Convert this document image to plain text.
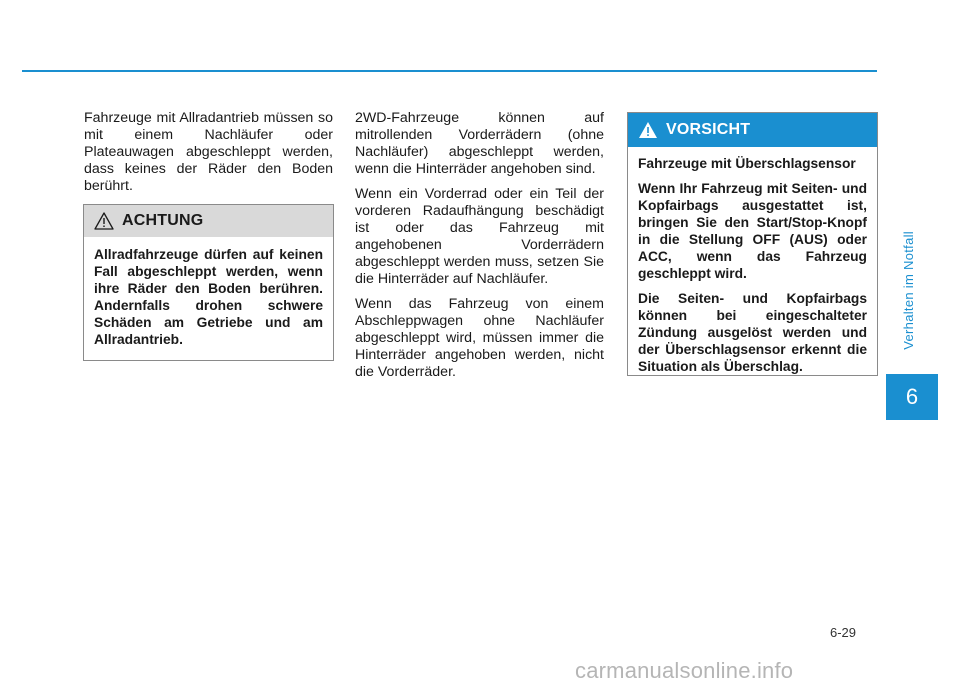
Fahrzeuge mit Allradantrieb müssen so mit einem Nachläufer oder Plateauwagen abgeschleppt werden, dass keines der Räder den Boden berührt.

ACHTUNG
Allradfahrzeuge dürfen auf keinen Fall abgeschleppt werden, wenn ihre Räder den Boden berühren. Andernfalls drohen schwere Schäden am Getriebe und am Allradantrieb.

2WD-Fahrzeuge können auf mitrollenden Vorderrädern (ohne Nachläufer) abgeschleppt werden, wenn die Hinterräder angehoben sind.

Wenn ein Vorderrad oder ein Teil der vorderen Radaufhängung beschädigt ist oder das Fahrzeug mit angehobenen Vorderrädern abgeschleppt werden muss, setzen Sie die Hinterräder auf Nachläufer.

Wenn das Fahrzeug von einem Abschleppwagen ohne Nachläufer abgeschleppt wird, müssen immer die Hinterräder angehoben werden, nicht die Vorderräder.

VORSICHT

Fahrzeuge mit Überschlagsensor

Wenn Ihr Fahrzeug mit Seiten- und Kopfairbags ausgestattet ist, bringen Sie den Start/Stop-Knopf in die Stellung OFF (AUS) oder ACC, wenn das Fahrzeug geschleppt wird.

Die Seiten- und Kopfairbags können bei eingeschalteter Zündung ausgelöst werden und der Überschlagsensor erkennt die Situation als Überschlag.

Verhalten im Notfall
6
6-29
carmanualsonline.info
